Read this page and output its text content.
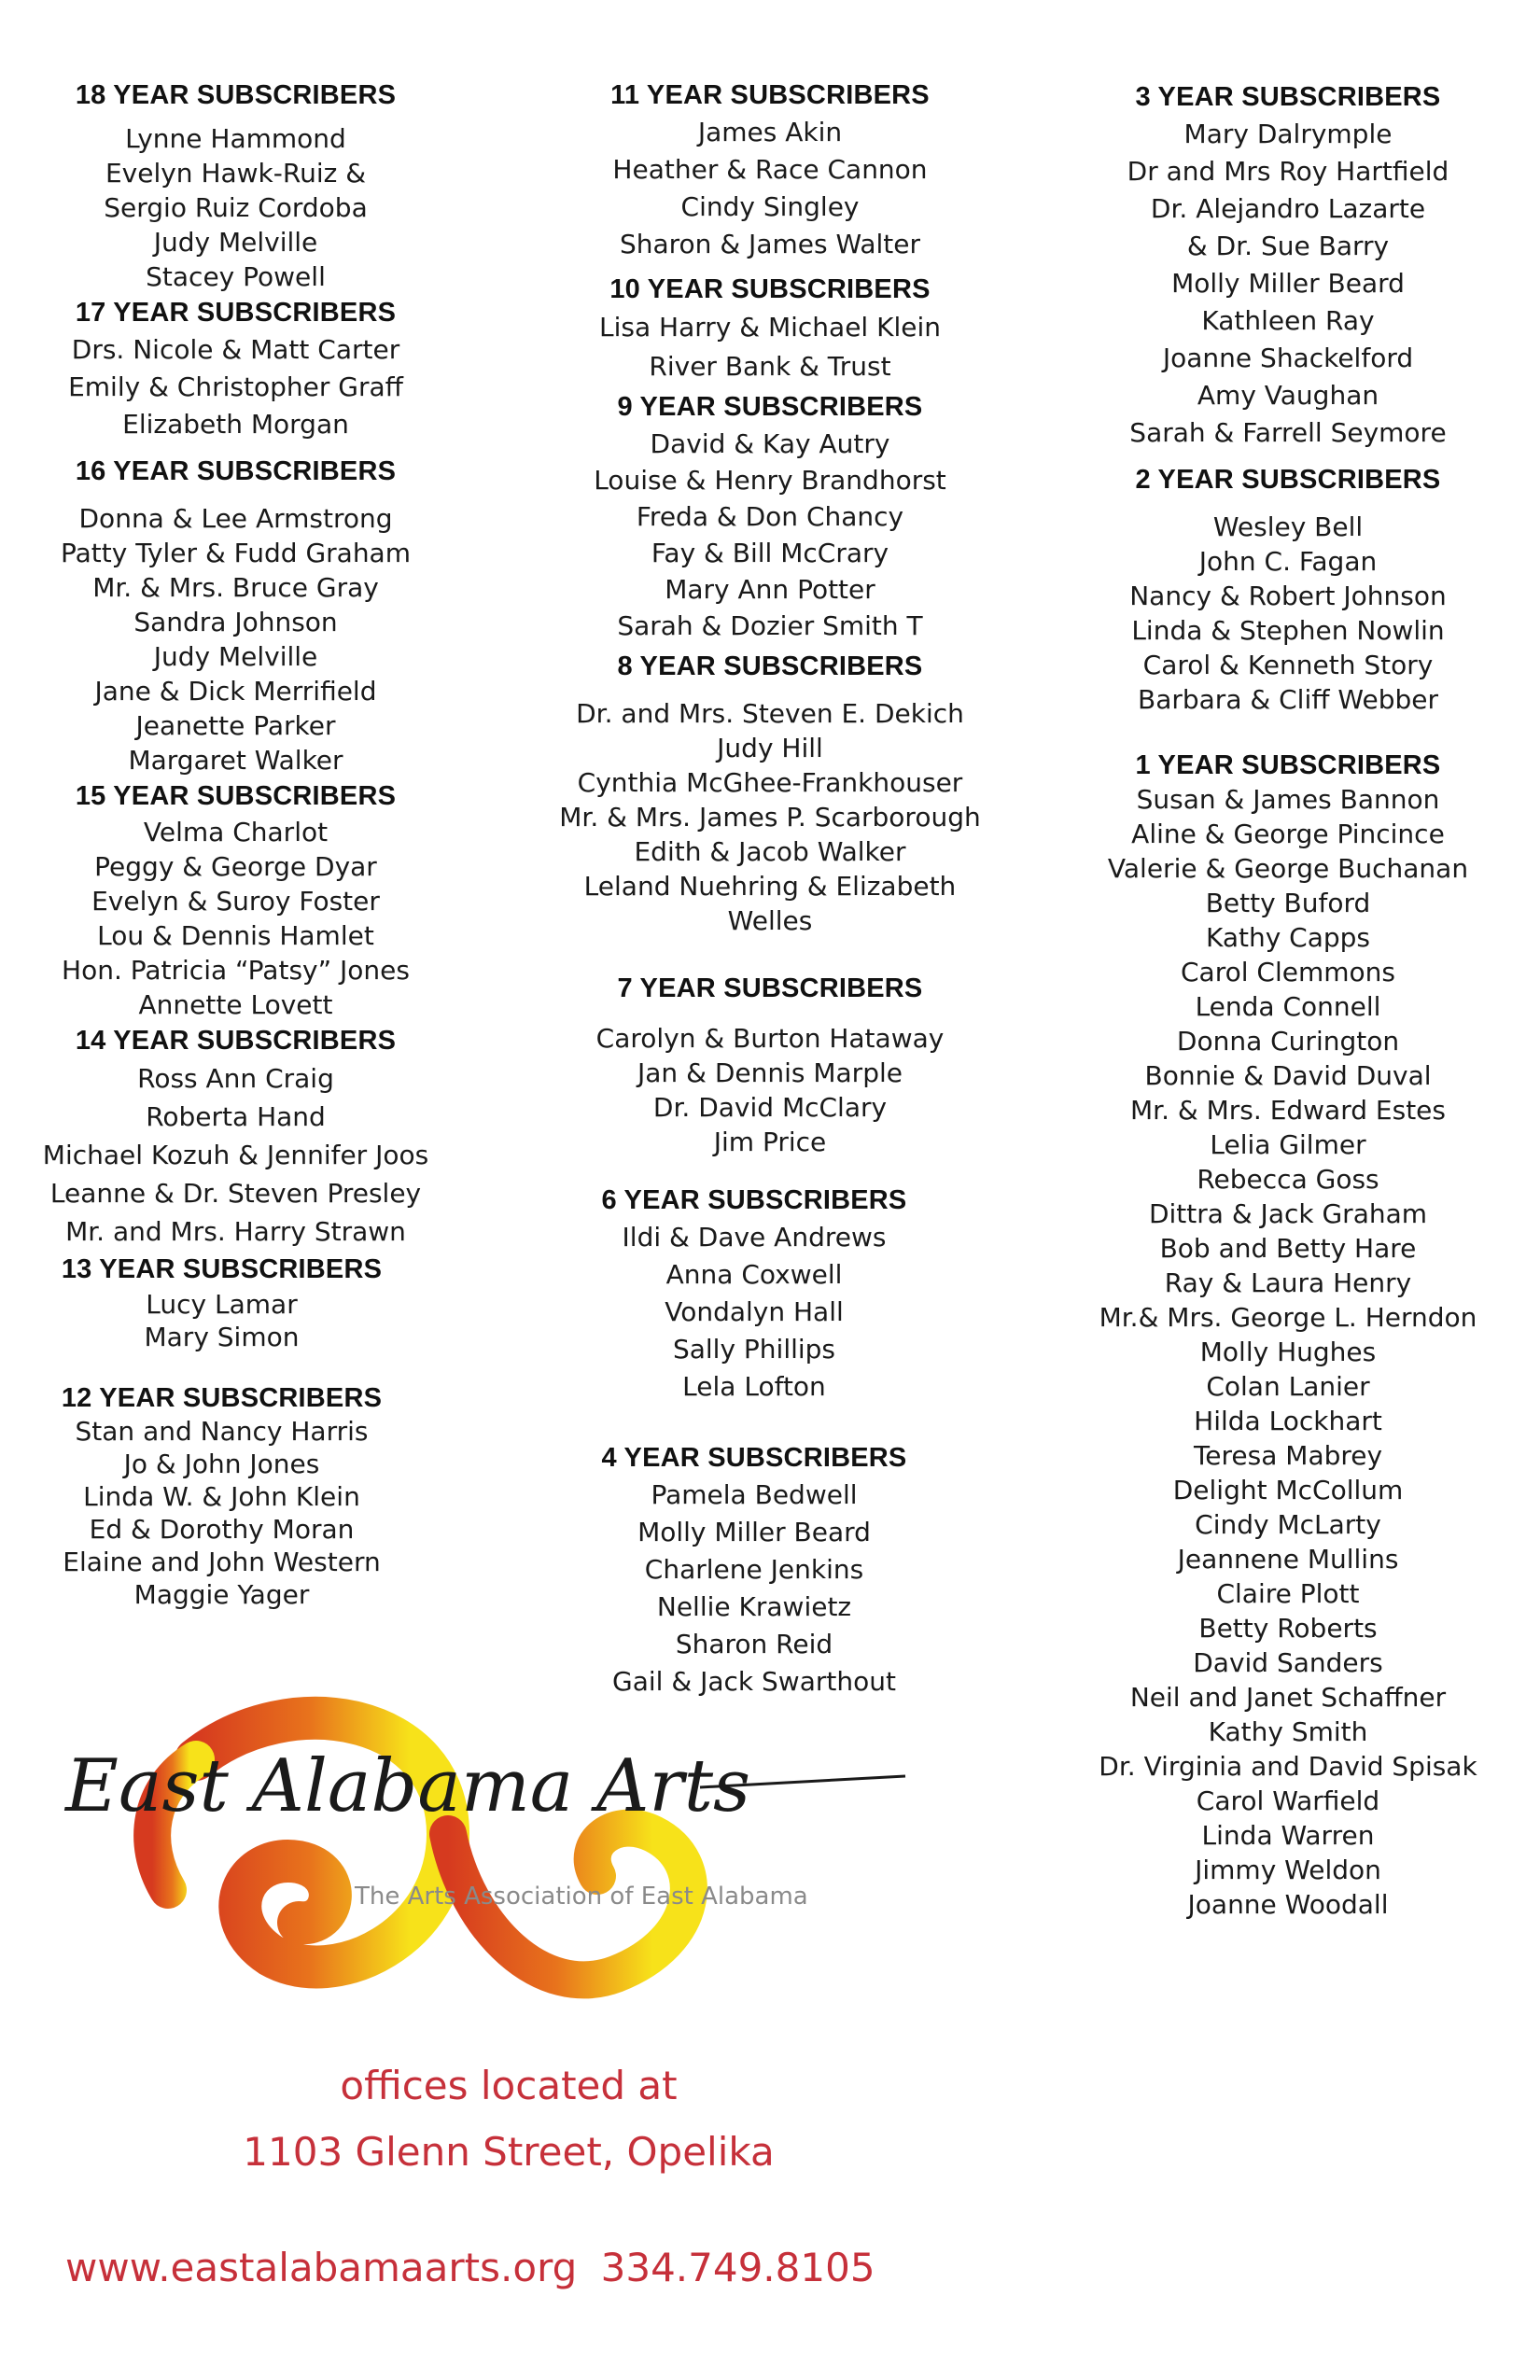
18 YEAR SUBSCRIBERS
Lynne Hammond
Evelyn Hawk-Ruiz &
Sergio Ruiz Cordoba
Judy Melville
Stacey Powell
17 YEAR SUBSCRIBERS
Drs. Nicole & Matt Carter
Emily & Christopher Graff
Elizabeth Morgan
16 YEAR SUBSCRIBERS
Donna & Lee Armstrong
Patty Tyler & Fudd Graham
Mr. & Mrs. Bruce Gray
Sandra Johnson
Judy Melville
Jane & Dick Merrifield
Jeanette Parker
Margaret Walker
15 YEAR SUBSCRIBERS
Velma Charlot
Peggy & George Dyar
Evelyn & Suroy Foster
Lou & Dennis Hamlet
Hon. Patricia “Patsy” Jones
Annette Lovett
14 YEAR SUBSCRIBERS
Ross Ann Craig
Roberta Hand
Michael Kozuh & Jennifer Joos
Leanne & Dr. Steven Presley
Mr. and Mrs. Harry Strawn
13 YEAR SUBSCRIBERS
Lucy Lamar
Mary Simon
12 YEAR SUBSCRIBERS
Stan and Nancy Harris
Jo & John Jones
Linda W. & John Klein
Ed & Dorothy Moran
Elaine and John Western
Maggie Yager
11 YEAR SUBSCRIBERS
James Akin
Heather & Race Cannon
Cindy Singley
Sharon & James Walter
10 YEAR SUBSCRIBERS
Lisa Harry & Michael Klein
River Bank & Trust
9 YEAR SUBSCRIBERS
David & Kay Autry
Louise & Henry Brandhorst
Freda & Don Chancy
Fay & Bill McCrary
Mary Ann Potter
Sarah & Dozier Smith T
8 YEAR SUBSCRIBERS
Dr. and Mrs. Steven E. Dekich
Judy Hill
Cynthia McGhee-Frankhouser
Mr. & Mrs. James P. Scarborough
Edith & Jacob Walker
Leland Nuehring & Elizabeth
Welles
7 YEAR SUBSCRIBERS
Carolyn & Burton Hataway
Jan & Dennis Marple
Dr. David McClary
Jim Price
6 YEAR SUBSCRIBERS
Ildi & Dave Andrews
Anna Coxwell
Vondalyn Hall
Sally Phillips
Lela Lofton
4 YEAR SUBSCRIBERS
Pamela Bedwell
Molly Miller Beard
Charlene Jenkins
Nellie Krawietz
Sharon Reid
Gail & Jack Swarthout
3 YEAR SUBSCRIBERS
Mary Dalrymple
Dr and Mrs Roy Hartfield
Dr. Alejandro Lazarte
& Dr. Sue Barry
Molly Miller Beard
Kathleen Ray
Joanne Shackelford
Amy Vaughan
Sarah & Farrell Seymore
2 YEAR SUBSCRIBERS
Wesley Bell
John C. Fagan
Nancy & Robert Johnson
Linda & Stephen Nowlin
Carol & Kenneth Story
Barbara & Cliff Webber
1 YEAR SUBSCRIBERS
Susan & James Bannon
Aline & George Pincince
Valerie & George Buchanan
Betty Buford
Kathy Capps
Carol Clemmons
Lenda Connell
Donna Curington
Bonnie & David Duval
Mr. & Mrs. Edward Estes
Lelia Gilmer
Rebecca Goss
Dittra & Jack Graham
Bob and Betty Hare
Ray & Laura Henry
Mr.& Mrs. George L. Herndon
Molly Hughes
Colan Lanier
Hilda Lockhart
Teresa Mabrey
Delight McCollum
Cindy McLarty
Jeannene Mullins
Claire Plott
Betty Roberts
David Sanders
Neil and Janet Schaffner
Kathy Smith
Dr. Virginia and David Spisak
Carol Warfield
Linda Warren
Jimmy Weldon
Joanne Woodall
East Alabama Arts
The Arts Association of East Alabama
offices located at
1103 Glenn Street, Opelika
www.eastalabamaarts.org 334.749.8105
